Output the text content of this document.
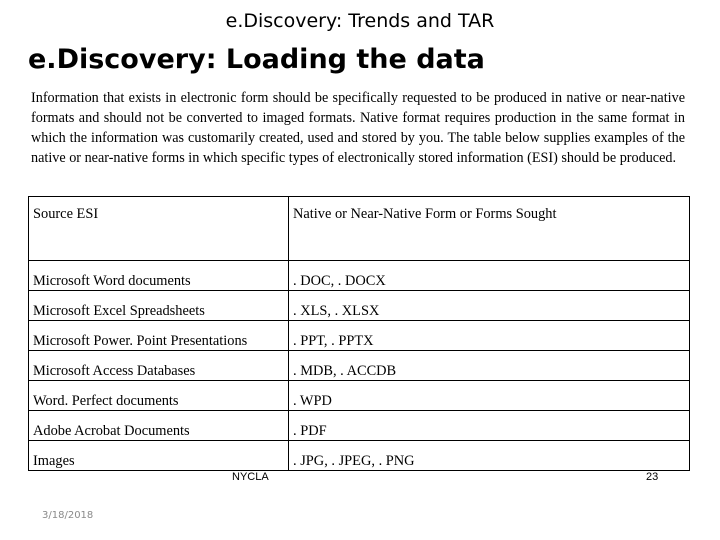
e.Discovery: Trends and TAR
e.Discovery: Loading the data
Information that exists in electronic form should be specifically requested to be produced in native or near-native formats and should not be converted to imaged formats. Native format requires production in the same format in which the information was customarily created, used and stored by you. The table below supplies examples of the native or near-native forms in which specific types of electronically stored information (ESI) should be produced.
Source ESI	Native or Near-Native Form or Forms Sought
Microsoft Word documents	. DOC, . DOCX
Microsoft Excel Spreadsheets	. XLS, . XLSX
Microsoft Power. Point Presentations	. PPT, . PPTX
Microsoft Access Databases	. MDB, . ACCDB
Word. Perfect documents	. WPD
Adobe Acrobat Documents	. PDF
Images	. JPG, . JPEG, . PNG
NYCLA	23
3/18/2018
